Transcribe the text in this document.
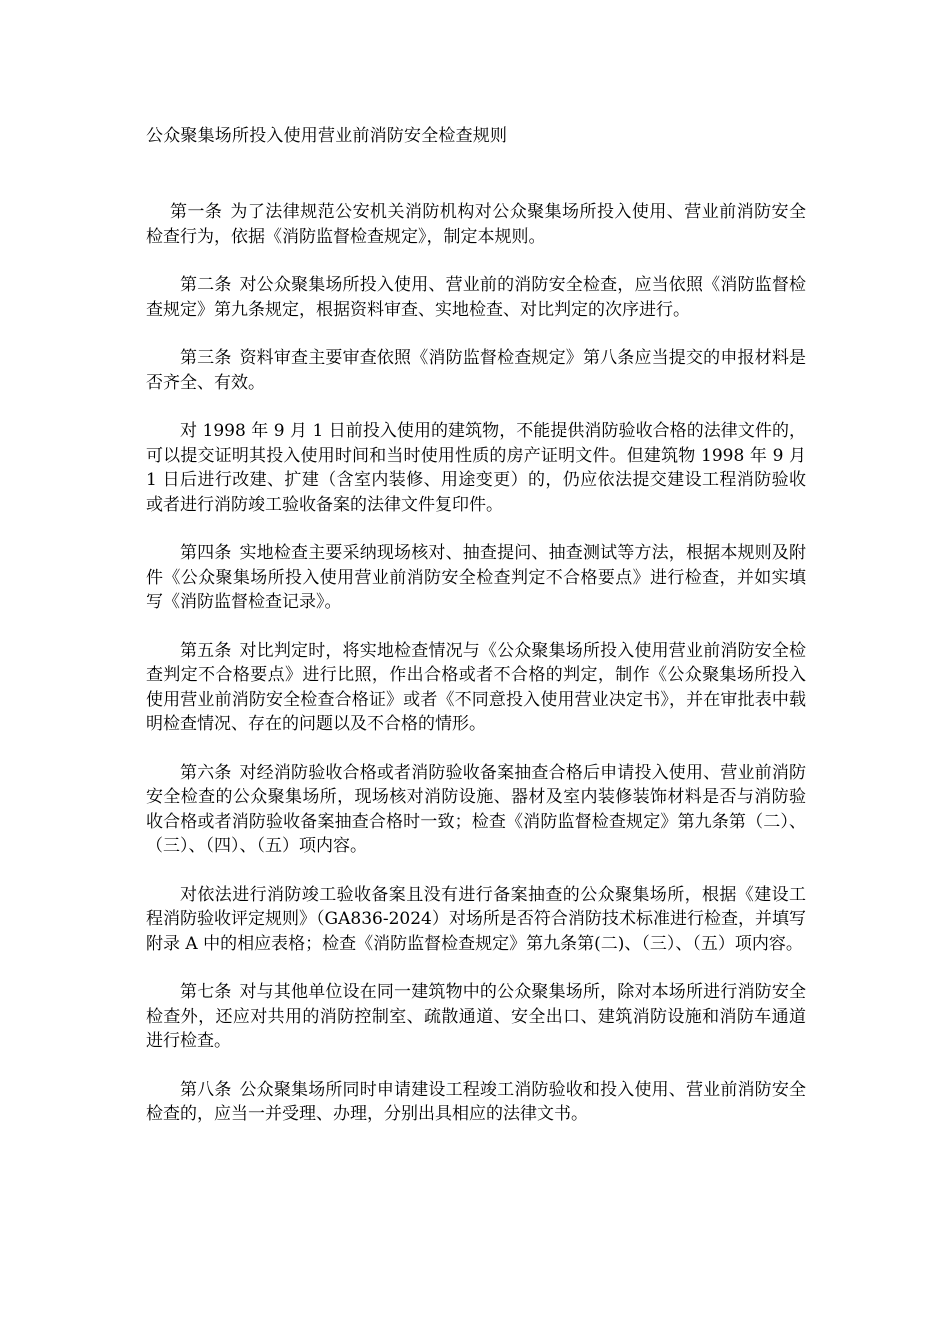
公众聚集场所投入使用营业前消防安全检查规则

第一条 为了法律规范公安机关消防机构对公众聚集场所投入使用、营业前消防安全检查行为，依据《消防监督检查规定》，制定本规则。

第二条 对公众聚集场所投入使用、营业前的消防安全检查，应当依照《消防监督检查规定》第九条规定，根据资料审查、实地检查、对比判定的次序进行。

第三条 资料审查主要审查依照《消防监督检查规定》第八条应当提交的申报材料是否齐全、有效。

对 1998 年 9 月 1 日前投入使用的建筑物，不能提供消防验收合格的法律文件的，可以提交证明其投入使用时间和当时使用性质的房产证明文件。但建筑物 1998 年 9 月 1 日后进行改建、扩建（含室内装修、用途变更）的，仍应依法提交建设工程消防验收或者进行消防竣工验收备案的法律文件复印件。

第四条 实地检查主要采纳现场核对、抽查提问、抽查测试等方法，根据本规则及附件《公众聚集场所投入使用营业前消防安全检查判定不合格要点》进行检查，并如实填写《消防监督检查记录》。

第五条 对比判定时，将实地检查情况与《公众聚集场所投入使用营业前消防安全检查判定不合格要点》进行比照，作出合格或者不合格的判定，制作《公众聚集场所投入使用营业前消防安全检查合格证》或者《不同意投入使用营业决定书》，并在审批表中载明检查情况、存在的问题以及不合格的情形。

第六条 对经消防验收合格或者消防验收备案抽查合格后申请投入使用、营业前消防安全检查的公众聚集场所，现场核对消防设施、器材及室内装修装饰材料是否与消防验收合格或者消防验收备案抽查合格时一致；检查《消防监督检查规定》第九条第（二）、（三）、（四）、（五）项内容。

对依法进行消防竣工验收备案且没有进行备案抽查的公众聚集场所，根据《建设工程消防验收评定规则》（GA836-2024）对场所是否符合消防技术标准进行检查，并填写附录 A 中的相应表格；检查《消防监督检查规定》第九条第(二)、（三）、（五）项内容。

第七条 对与其他单位设在同一建筑物中的公众聚集场所，除对本场所进行消防安全检查外，还应对共用的消防控制室、疏散通道、安全出口、建筑消防设施和消防车通道进行检查。

第八条 公众聚集场所同时申请建设工程竣工消防验收和投入使用、营业前消防安全检查的，应当一并受理、办理，分别出具相应的法律文书。
